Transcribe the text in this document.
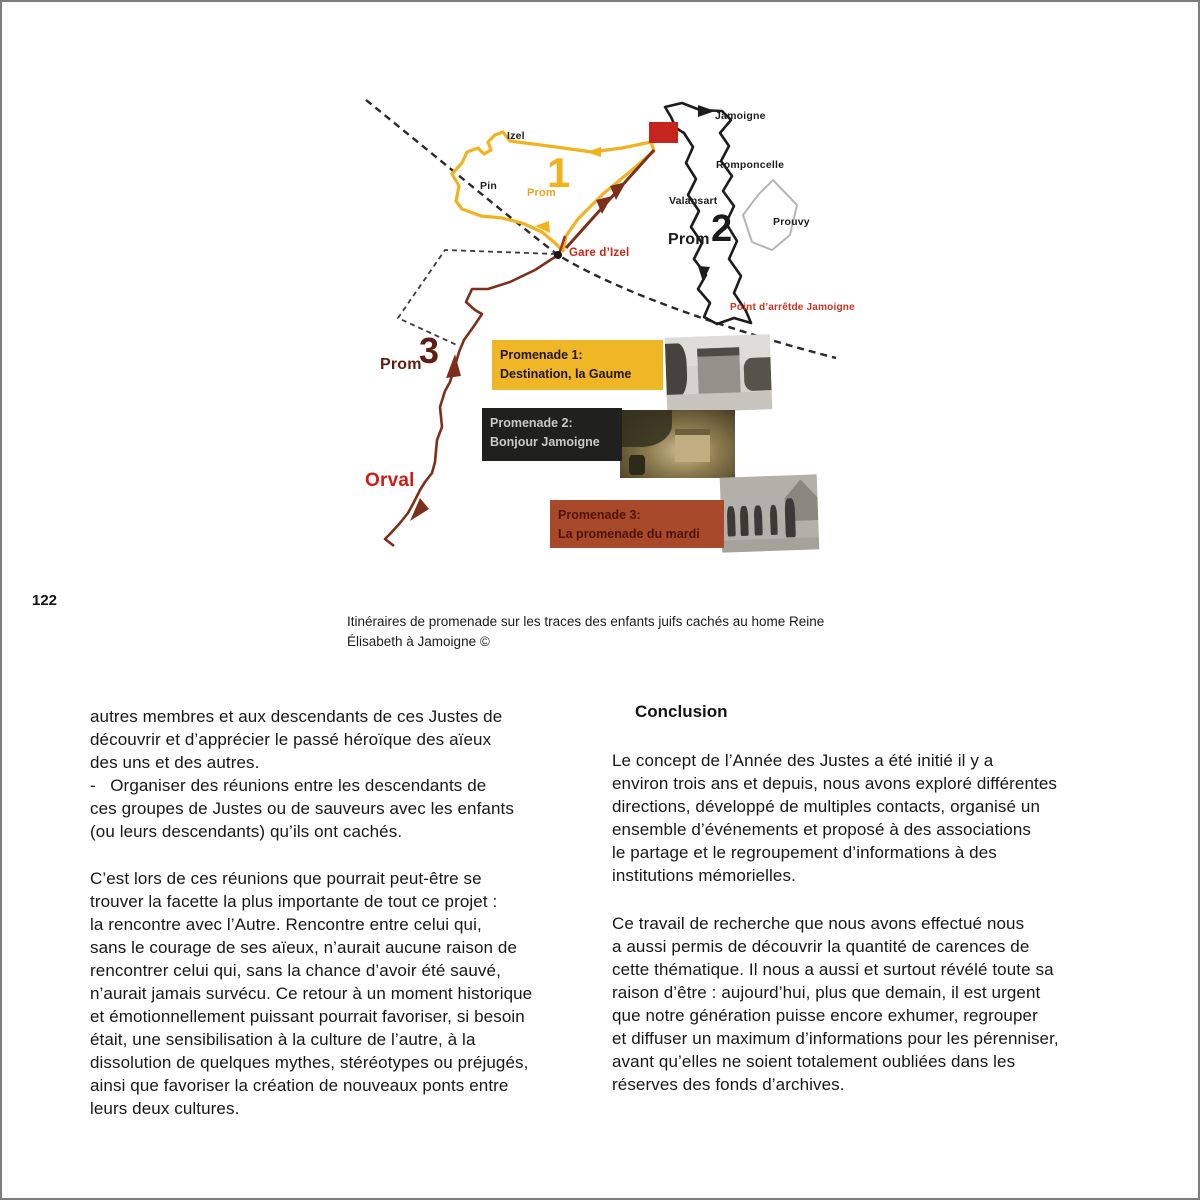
122
Izel
Pin
Jamoigne
Romponcelle
Valansart
Prouvy
Gare d’Izel
Point d’arrêtde Jamoigne
Prom
1
Prom 2
Prom
3
Orval
Promenade 1:
Destination, la Gaume
Promenade 2:
Bonjour Jamoigne
Promenade 3:
La promenade du mardi
Itinéraires de promenade sur les traces des enfants juifs cachés au home Reine
Élisabeth à Jamoigne ©
autres membres et aux descendants de ces Justes de
découvrir et d’apprécier le passé héroïque des aïeux
des uns et des autres.
-   Organiser des réunions entre les descendants de
ces groupes de Justes ou de sauveurs avec les enfants
(ou leurs descendants) qu’ils ont cachés.
C’est lors de ces réunions que pourrait peut-être se
trouver la facette la plus importante de tout ce projet :
la rencontre avec l’Autre. Rencontre entre celui qui,
sans le courage de ses aïeux, n’aurait aucune raison de
rencontrer celui qui, sans la chance d’avoir été sauvé,
n’aurait jamais survécu. Ce retour à un moment historique
et émotionnellement puissant pourrait favoriser, si besoin
était, une sensibilisation à la culture de l’autre, à la
dissolution de quelques mythes, stéréotypes ou préjugés,
ainsi que favoriser la création de nouveaux ponts entre
leurs deux cultures.
Conclusion
Le concept de l’Année des Justes a été initié il y a
environ trois ans et depuis, nous avons exploré différentes
directions, développé de multiples contacts, organisé un
ensemble d’événements et proposé à des associations
le partage et le regroupement d’informations à des
institutions mémorielles.
Ce travail de recherche que nous avons effectué nous
a aussi permis de découvrir la quantité de carences de
cette thématique. Il nous a aussi et surtout révélé toute sa
raison d’être : aujourd’hui, plus que demain, il est urgent
que notre génération puisse encore exhumer, regrouper
et diffuser un maximum d’informations pour les pérenniser,
avant qu’elles ne soient totalement oubliées dans les
réserves des fonds d’archives.
